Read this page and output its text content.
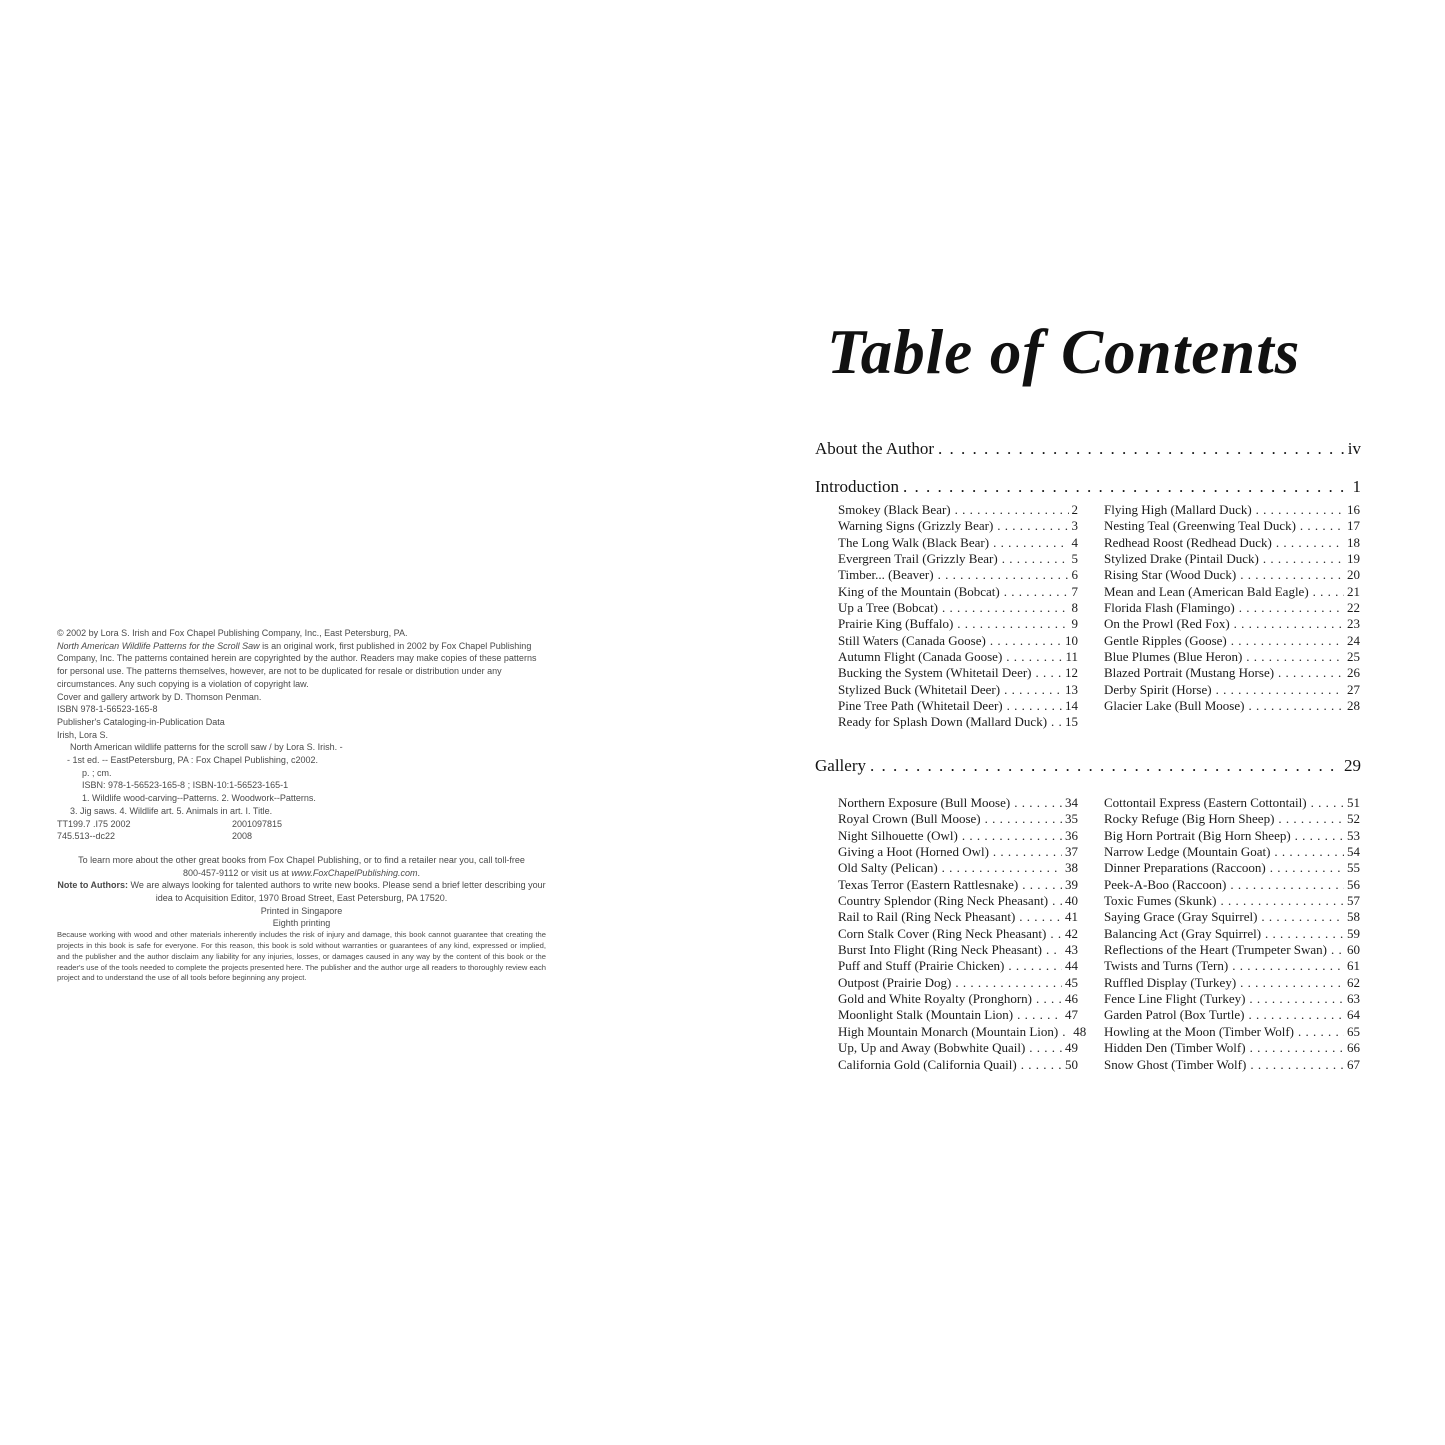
© 2002 by Lora S. Irish and Fox Chapel Publishing Company, Inc., East Petersburg, PA.

North American Wildlife Patterns for the Scroll Saw is an original work, first published in 2002 by Fox Chapel Publishing Company, Inc. The patterns contained herein are copyrighted by the author. Readers may make copies of these patterns for personal use. The patterns themselves, however, are not to be duplicated for resale or distribution under any circumstances. Any such copying is a violation of copyright law.

Cover and gallery artwork by D. Thomson Penman.

ISBN 978-1-56523-165-8

Publisher's Cataloging-in-Publication Data

Irish, Lora S.

North American wildlife patterns for the scroll saw / by Lora S. Irish. -
- 1st ed. -- EastPetersburg, PA : Fox Chapel Publishing, c2002.

p. ; cm.

ISBN: 978-1-56523-165-8 ; ISBN-10:1-56523-165-1

1. Wildlife wood-carving--Patterns. 2. Woodwork--Patterns.
3. Jig saws. 4. Wildlife art. 5. Animals in art. I. Title.

TT199.7 .I75 2002	2001097815
745.513--dc22	2008

To learn more about the other great books from Fox Chapel Publishing, or to find a retailer near you, call toll-free
800-457-9112 or visit us at www.FoxChapelPublishing.com.

Note to Authors: We are always looking for talented authors to write new books. Please send a brief letter describing your idea to Acquisition Editor, 1970 Broad Street, East Petersburg, PA 17520.

Printed in Singapore
Eighth printing

Because working with wood and other materials inherently includes the risk of injury and damage, this book cannot guarantee that creating the projects in this book is safe for everyone. For this reason, this book is sold without warranties or guarantees of any kind, expressed or implied, and the publisher and the author disclaim any liability for any injuries, losses, or damages caused in any way by the content of this book or the reader's use of the tools needed to complete the projects presented here. The publisher and the author urge all readers to thoroughly review each project and to understand the use of all tools before beginning any project.

Table of Contents
About the Author . . .	iv
Introduction . . .	1
Smokey (Black Bear) . . .	2
Warning Signs (Grizzly Bear) . . .	3
The Long Walk (Black Bear) . . .	4
Evergreen Trail (Grizzly Bear) . . .	5
Timber... (Beaver) . . .	6
King of the Mountain (Bobcat) . . .	7
Up a Tree (Bobcat) . . .	8
Prairie King (Buffalo) . . .	9
Still Waters (Canada Goose) . . .	10
Autumn Flight (Canada Goose) . . .	11
Bucking the System (Whitetail Deer) . . .	12
Stylized Buck (Whitetail Deer) . . .	13
Pine Tree Path (Whitetail Deer) . . .	14
Ready for Splash Down (Mallard Duck) . . . 15
Flying High (Mallard Duck) . . .	16
Nesting Teal (Greenwing Teal Duck) . . .	17
Redhead Roost (Redhead Duck) . . .	18
Stylized Drake (Pintail Duck) . . .	19
Rising Star (Wood Duck) . . .	20
Mean and Lean (American Bald Eagle) . . .	21
Florida Flash (Flamingo) . . .	22
On the Prowl (Red Fox) . . .	23
Gentle Ripples (Goose) . . .	24
Blue Plumes (Blue Heron) . . .	25
Blazed Portrait (Mustang Horse) . . .	26
Derby Spirit (Horse) . . .	27
Glacier Lake (Bull Moose) . . .	28
Gallery . . .	29
Northern Exposure (Bull Moose) . . .	34
Royal Crown (Bull Moose) . . .	35
Night Silhouette (Owl) . . .	36
Giving a Hoot (Horned Owl) . . .	37
Old Salty (Pelican) . . .	38
Texas Terror (Eastern Rattlesnake) . . .	39
Country Splendor (Ring Neck Pheasant) . . . 40
Rail to Rail (Ring Neck Pheasant) . . .	41
Corn Stalk Cover (Ring Neck Pheasant) . . . 42
Burst Into Flight (Ring Neck Pheasant) . . . 43
Puff and Stuff (Prairie Chicken) . . .	44
Outpost (Prairie Dog) . . .	45
Gold and White Royalty (Pronghorn) . . .	46
Moonlight Stalk (Mountain Lion) . . .	47
High Mountain Monarch (Mountain Lion) . . . 48
Up, Up and Away (Bobwhite Quail) . . .	49
California Gold (California Quail) . . .	50
Cottontail Express (Eastern Cottontail) . . .	51
Rocky Refuge (Big Horn Sheep) . . .	52
Big Horn Portrait (Big Horn Sheep) . . .	53
Narrow Ledge (Mountain Goat) . . .	54
Dinner Preparations (Raccoon) . . .	55
Peek-A-Boo (Raccoon) . . .	56
Toxic Fumes (Skunk) . . .	57
Saying Grace (Gray Squirrel) . . .	58
Balancing Act (Gray Squirrel) . . .	59
Reflections of the Heart (Trumpeter Swan) . . . 60
Twists and Turns (Tern) . . .	61
Ruffled Display (Turkey) . . .	62
Fence Line Flight (Turkey) . . .	63
Garden Patrol (Box Turtle) . . .	64
Howling at the Moon (Timber Wolf) . . .	65
Hidden Den (Timber Wolf) . . .	66
Snow Ghost (Timber Wolf) . . .	67
